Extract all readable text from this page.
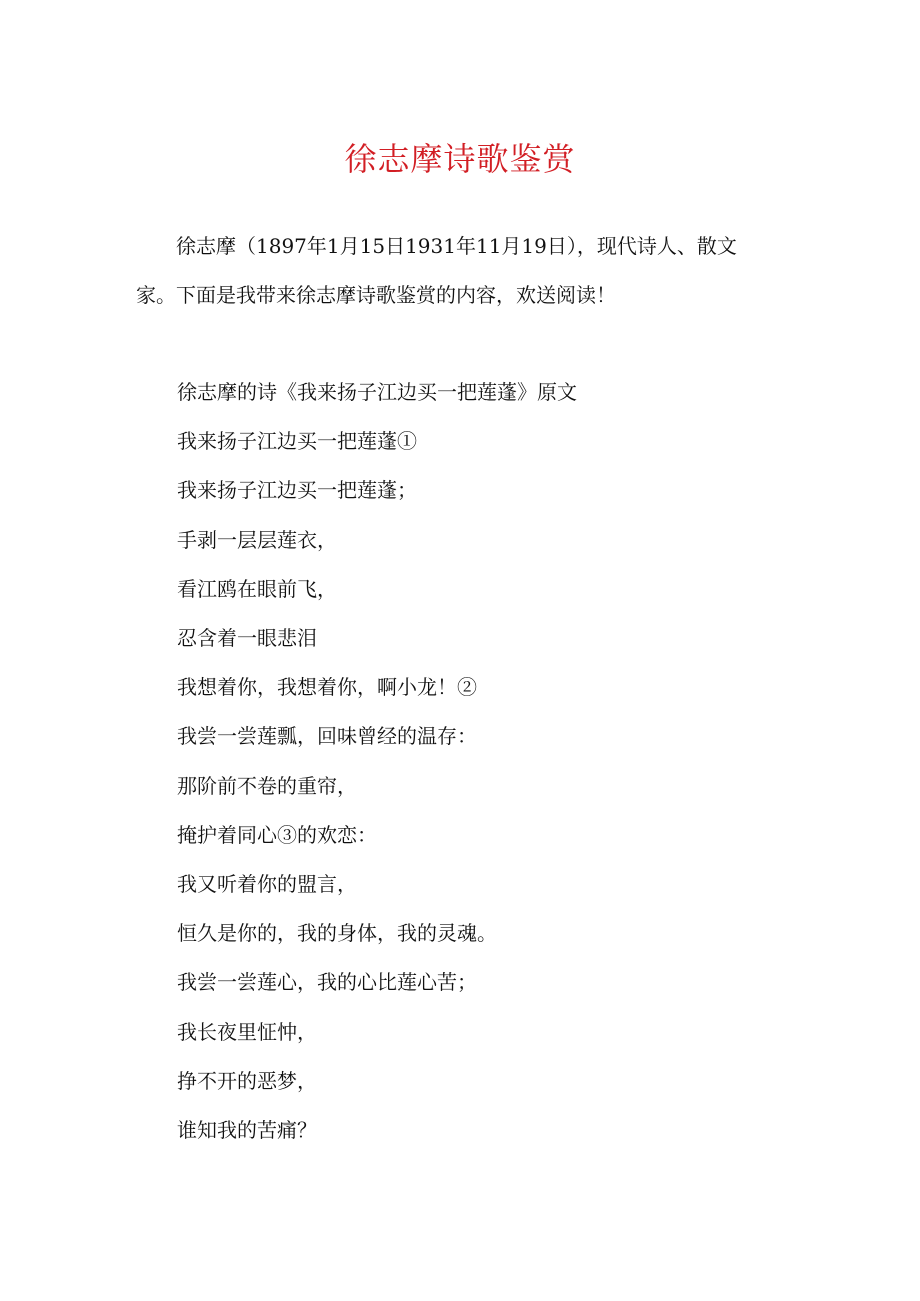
徐志摩诗歌鉴赏

徐志摩（1897年1月15日1931年11月19日），现代诗人、散文
家。下面是我带来徐志摩诗歌鉴赏的内容，欢送阅读！

徐志摩的诗《我来扬子江边买一把莲蓬》原文
我来扬子江边买一把莲蓬①
我来扬子江边买一把莲蓬；
手剥一层层莲衣，
看江鸥在眼前飞，
忍含着一眼悲泪
我想着你，我想着你，啊小龙！②
我尝一尝莲瓢，回味曾经的温存：
那阶前不卷的重帘，
掩护着同心③的欢恋：
我又听着你的盟言，
恒久是你的，我的身体，我的灵魂。
我尝一尝莲心，我的心比莲心苦；
我长夜里怔忡，
挣不开的恶梦，
谁知我的苦痛？
